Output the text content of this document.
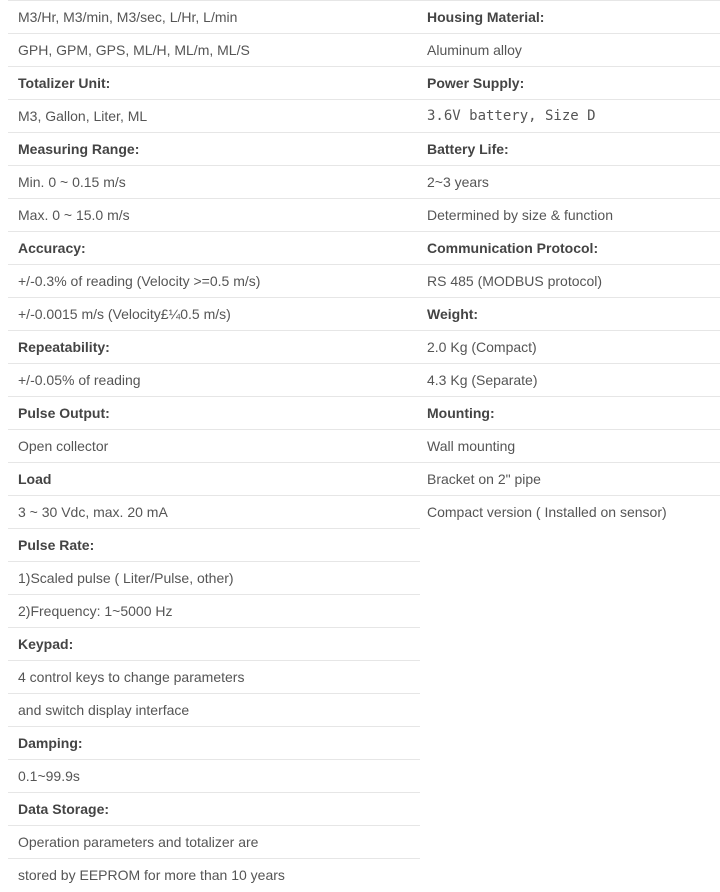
M3/Hr, M3/min, M3/sec, L/Hr, L/min
GPH, GPM, GPS, ML/H, ML/m, ML/S
Totalizer Unit:
M3, Gallon, Liter, ML
Measuring Range:
Min. 0 ~ 0.15 m/s
Max. 0 ~ 15.0 m/s
Accuracy:
+/-0.3% of reading (Velocity >=0.5 m/s)
+/-0.0015 m/s (Velocity£¼0.5 m/s)
Repeatability:
+/-0.05% of reading
Pulse Output:
Open collector
Load
3 ~ 30 Vdc, max. 20 mA
Pulse Rate:
1)Scaled pulse ( Liter/Pulse, other)
2)Frequency: 1~5000 Hz
Keypad:
4 control keys to change parameters
and switch display interface
Damping:
0.1~99.9s
Data Storage:
Operation parameters and totalizer are
stored by EEPROM for more than 10 years
Housing Material:
Aluminum alloy
Power Supply:
3.6V battery, Size D
Battery Life:
2~3 years
Determined by size & function
Communication Protocol:
RS 485 (MODBUS protocol)
Weight:
2.0 Kg (Compact)
4.3 Kg (Separate)
Mounting:
Wall mounting
Bracket on 2" pipe
Compact version ( Installed on sensor)
